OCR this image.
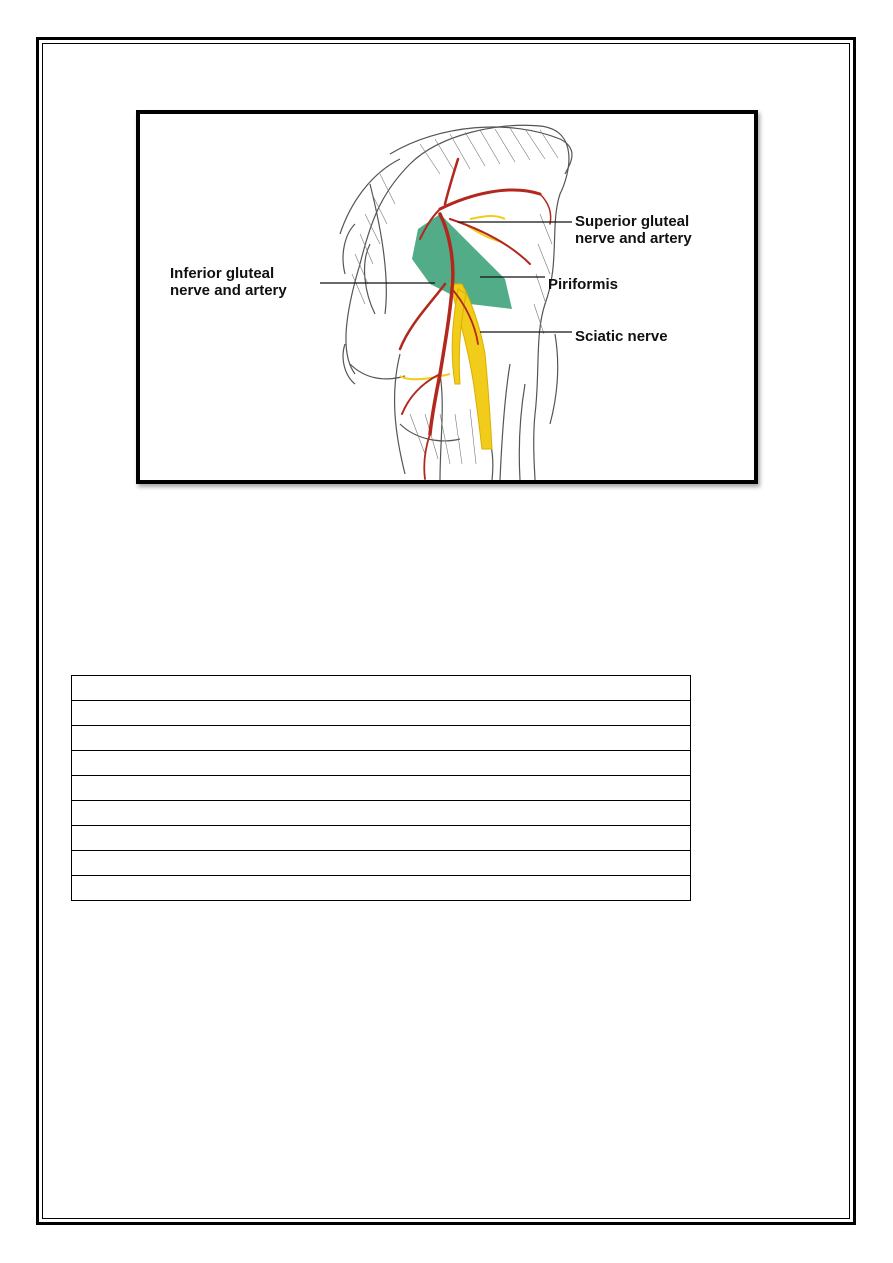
Superior gluteal
nerve and artery
Piriformis
Sciatic nerve
Inferior gluteal
nerve and artery
